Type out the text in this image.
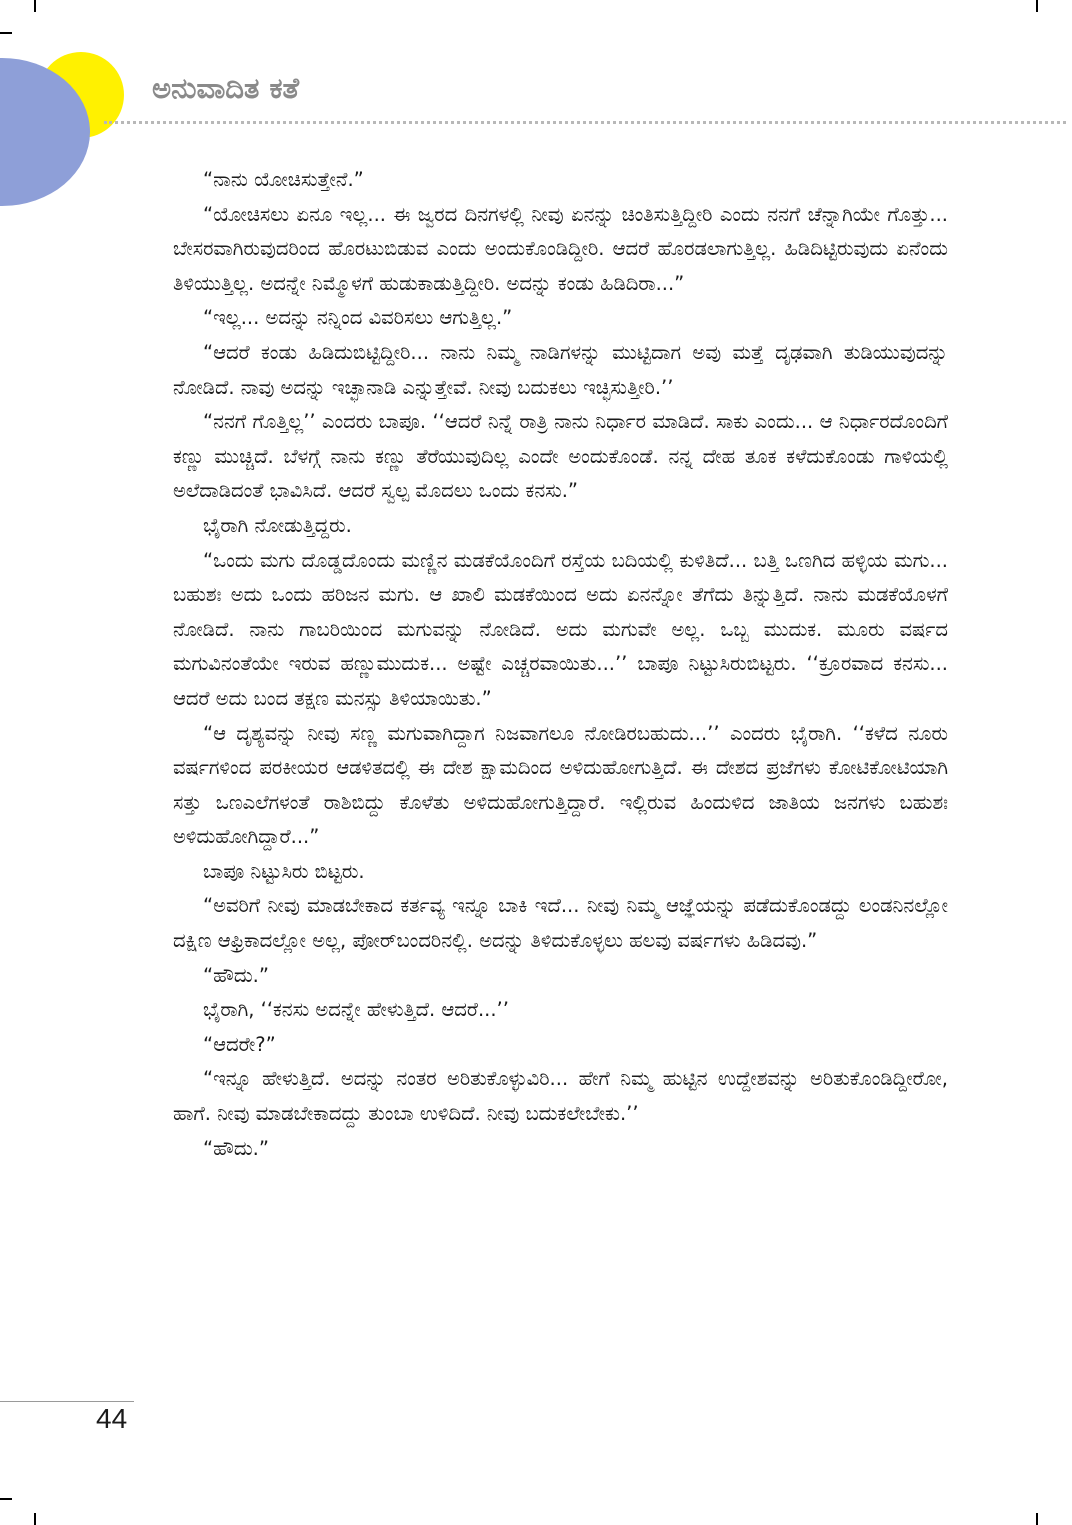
ಅನುವಾದಿತ ಕತೆ

“ನಾನು ಯೋಚಿಸುತ್ತೇನೆ.”

“ಯೋಚಿಸಲು ಏನೂ ಇಲ್ಲ... ಈ ಜ್ವರದ ದಿನಗಳಲ್ಲಿ ನೀವು ಏನನ್ನು ಚಿಂತಿಸುತ್ತಿದ್ದೀರಿ ಎಂದು ನನಗೆ ಚೆನ್ನಾಗಿಯೇ ಗೊತ್ತು... ಬೇಸರವಾಗಿರುವುದರಿಂದ ಹೊರಟುಬಿಡುವ ಎಂದು ಅಂದುಕೊಂಡಿದ್ದೀರಿ. ಆದರೆ ಹೊರಡಲಾಗುತ್ತಿಲ್ಲ. ಹಿಡಿದಿಟ್ಟಿರುವುದು ಏನೆಂದು ತಿಳಿಯುತ್ತಿಲ್ಲ. ಅದನ್ನೇ ನಿಮ್ಮೊಳಗೆ ಹುಡುಕಾಡುತ್ತಿದ್ದೀರಿ. ಅದನ್ನು ಕಂಡು ಹಿಡಿದಿರಾ...”

“ಇಲ್ಲ... ಅದನ್ನು ನನ್ನಿಂದ ವಿವರಿಸಲು ಆಗುತ್ತಿಲ್ಲ.”

“ಆದರೆ ಕಂಡು ಹಿಡಿದುಬಿಟ್ಟಿದ್ದೀರಿ... ನಾನು ನಿಮ್ಮ ನಾಡಿಗಳನ್ನು ಮುಟ್ಟಿದಾಗ ಅವು ಮತ್ತೆ ದೃಢವಾಗಿ ತುಡಿಯುವುದನ್ನು ನೋಡಿದೆ. ನಾವು ಅದನ್ನು ಇಚ್ಛಾನಾಡಿ ಎನ್ನುತ್ತೇವೆ. ನೀವು ಬದುಕಲು ಇಚ್ಛಿಸುತ್ತೀರಿ.’’

“ನನಗೆ ಗೊತ್ತಿಲ್ಲ’’ ಎಂದರು ಬಾಪೂ. ‘‘ಆದರೆ ನಿನ್ನೆ ರಾತ್ರಿ ನಾನು ನಿರ್ಧಾರ ಮಾಡಿದೆ. ಸಾಕು ಎಂದು... ಆ ನಿರ್ಧಾರದೊಂದಿಗೆ ಕಣ್ಣು ಮುಚ್ಚಿದೆ. ಬೆಳಗ್ಗೆ ನಾನು ಕಣ್ಣು ತೆರೆಯುವುದಿಲ್ಲ ಎಂದೇ ಅಂದುಕೊಂಡೆ. ನನ್ನ ದೇಹ ತೂಕ ಕಳೆದುಕೊಂಡು ಗಾಳಿಯಲ್ಲಿ ಅಲೆದಾಡಿದಂತೆ ಭಾವಿಸಿದೆ. ಆದರೆ ಸ್ವಲ್ಪ ಮೊದಲು ಒಂದು ಕನಸು.”

ಭೈರಾಗಿ ನೋಡುತ್ತಿದ್ದರು.

“ಒಂದು ಮಗು ದೊಡ್ಡದೊಂದು ಮಣ್ಣಿನ ಮಡಕೆಯೊಂದಿಗೆ ರಸ್ತೆಯ ಬದಿಯಲ್ಲಿ ಕುಳಿತಿದೆ... ಬತ್ತಿ ಒಣಗಿದ ಹಳ್ಳಿಯ ಮಗು... ಬಹುಶಃ ಅದು ಒಂದು ಹರಿಜನ ಮಗು. ಆ ಖಾಲಿ ಮಡಕೆಯಿಂದ ಅದು ಏನನ್ನೋ ತೆಗೆದು ತಿನ್ನುತ್ತಿದೆ. ನಾನು ಮಡಕೆಯೊಳಗೆ ನೋಡಿದೆ. ನಾನು ಗಾಬರಿಯಿಂದ ಮಗುವನ್ನು ನೋಡಿದೆ. ಅದು ಮಗುವೇ ಅಲ್ಲ. ಒಬ್ಬ ಮುದುಕ. ಮೂರು ವರ್ಷದ ಮಗುವಿನಂತೆಯೇ ಇರುವ ಹಣ್ಣುಮುದುಕ... ಅಷ್ಟೇ ಎಚ್ಚರವಾಯಿತು...’’ ಬಾಪೂ ನಿಟ್ಟುಸಿರುಬಿಟ್ಟರು. ‘‘ಕ್ರೂರವಾದ ಕನಸು... ಆದರೆ ಅದು ಬಂದ ತಕ್ಷಣ ಮನಸ್ಸು ತಿಳಿಯಾಯಿತು.”

“ಆ ದೃಶ್ಯವನ್ನು ನೀವು ಸಣ್ಣ ಮಗುವಾಗಿದ್ದಾಗ ನಿಜವಾಗಲೂ ನೋಡಿರಬಹುದು...’’ ಎಂದರು ಭೈರಾಗಿ. ‘‘ಕಳೆದ ನೂರು ವರ್ಷಗಳಿಂದ ಪರಕೀಯರ ಆಡಳಿತದಲ್ಲಿ ಈ ದೇಶ ಕ್ಷಾಮದಿಂದ ಅಳಿದುಹೋಗುತ್ತಿದೆ. ಈ ದೇಶದ ಪ್ರಜೆಗಳು ಕೋಟಿಕೋಟಿಯಾಗಿ ಸತ್ತು ಒಣಎಲೆಗಳಂತೆ ರಾಶಿಬಿದ್ದು ಕೊಳೆತು ಅಳಿದುಹೋಗುತ್ತಿದ್ದಾರೆ. ಇಲ್ಲಿರುವ ಹಿಂದುಳಿದ ಜಾತಿಯ ಜನಗಳು ಬಹುಶಃ ಅಳಿದುಹೋಗಿದ್ದಾರೆ...”

ಬಾಪೂ ನಿಟ್ಟುಸಿರು ಬಿಟ್ಟರು.

“ಅವರಿಗೆ ನೀವು ಮಾಡಬೇಕಾದ ಕರ್ತವ್ಯ ಇನ್ನೂ ಬಾಕಿ ಇದೆ... ನೀವು ನಿಮ್ಮ ಆಜ್ಞೆಯನ್ನು ಪಡೆದುಕೊಂಡದ್ದು ಲಂಡನಿನಲ್ಲೋ ದಕ್ಷಿಣ ಆಫ್ರಿಕಾದಲ್ಲೋ ಅಲ್ಲ, ಪೋರ್‌ಬಂದರಿನಲ್ಲಿ. ಅದನ್ನು ತಿಳಿದುಕೊಳ್ಳಲು ಹಲವು ವರ್ಷಗಳು ಹಿಡಿದವು.”

“ಹೌದು.”

ಭೈರಾಗಿ, ‘‘ಕನಸು ಅದನ್ನೇ ಹೇಳುತ್ತಿದೆ. ಆದರೆ...’’

“ಆದರೇ?”

“ಇನ್ನೂ ಹೇಳುತ್ತಿದೆ. ಅದನ್ನು ನಂತರ ಅರಿತುಕೊಳ್ಳುವಿರಿ... ಹೇಗೆ ನಿಮ್ಮ ಹುಟ್ಟಿನ ಉದ್ದೇಶವನ್ನು ಅರಿತುಕೊಂಡಿದ್ದೀರೋ, ಹಾಗೆ. ನೀವು ಮಾಡಬೇಕಾದದ್ದು ತುಂಬಾ ಉಳಿದಿದೆ. ನೀವು ಬದುಕಲೇಬೇಕು.’’

“ಹೌದು.”

44
